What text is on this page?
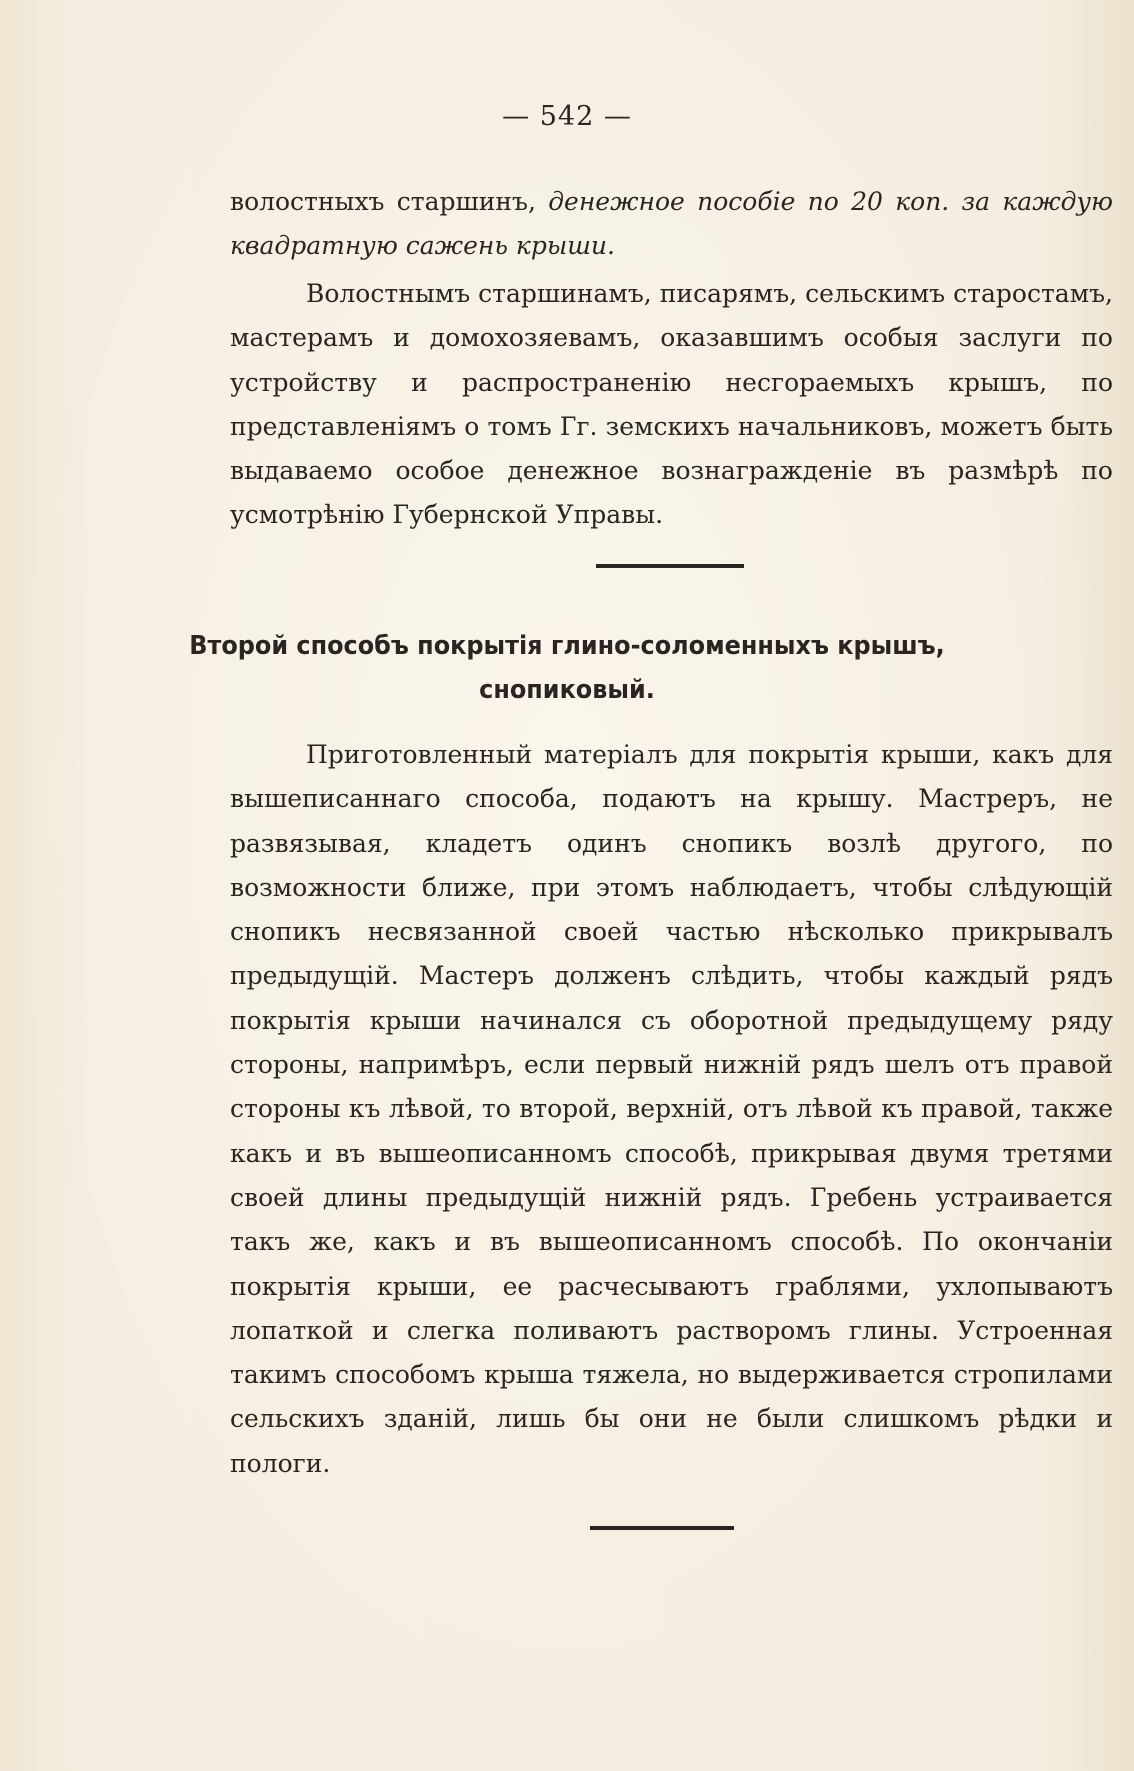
— 542 —

волостныхъ старшинъ, денежное пособiе по 20 коп. за каждую квадратную сажень крыши.

Волостнымъ старшинамъ, писарямъ, сельскимъ старостамъ, мастерамъ и домохозяевамъ, оказавшимъ особыя заслуги по устройству и распространенiю несгораемыхъ крышъ, по представленiямъ о томъ Гг. земскихъ начальниковъ, можетъ быть выдаваемо особое денежное вознагражденiе въ размѣрѣ по усмотрѣнiю Губернской Управы.

Второй способъ покрытiя глино-соломенныхъ крышъ,
снопиковый.

Приготовленный матерiалъ для покрытiя крыши, какъ для вышеписаннаго способа, подаютъ на крышу. Мастреръ, не развязывая, кладетъ одинъ снопикъ возлѣ другого, по возможности ближе, при этомъ наблюдаетъ, чтобы слѣдующiй снопикъ несвязанной своей частью нѣсколько прикрывалъ предыдущiй. Мастеръ долженъ слѣдить, чтобы каждый рядъ покрытiя крыши начинался съ оборотной предыдущему ряду стороны, напримѣръ, если первый нижнiй рядъ шелъ отъ правой стороны къ лѣвой, то второй, верхнiй, отъ лѣвой къ правой, также какъ и въ вышеописанномъ способѣ, прикрывая двумя третями своей длины предыдущiй нижнiй рядъ. Гребень устраивается такъ же, какъ и въ вышеописанномъ способѣ. По окончанiи покрытiя крыши, ее расчесываютъ граблями, ухлопываютъ лопаткой и слегка поливаютъ растворомъ глины. Устроенная такимъ способомъ крыша тяжела, но выдерживается стропилами сельскихъ зданiй, лишь бы они не были слишкомъ рѣдки и пологи.
